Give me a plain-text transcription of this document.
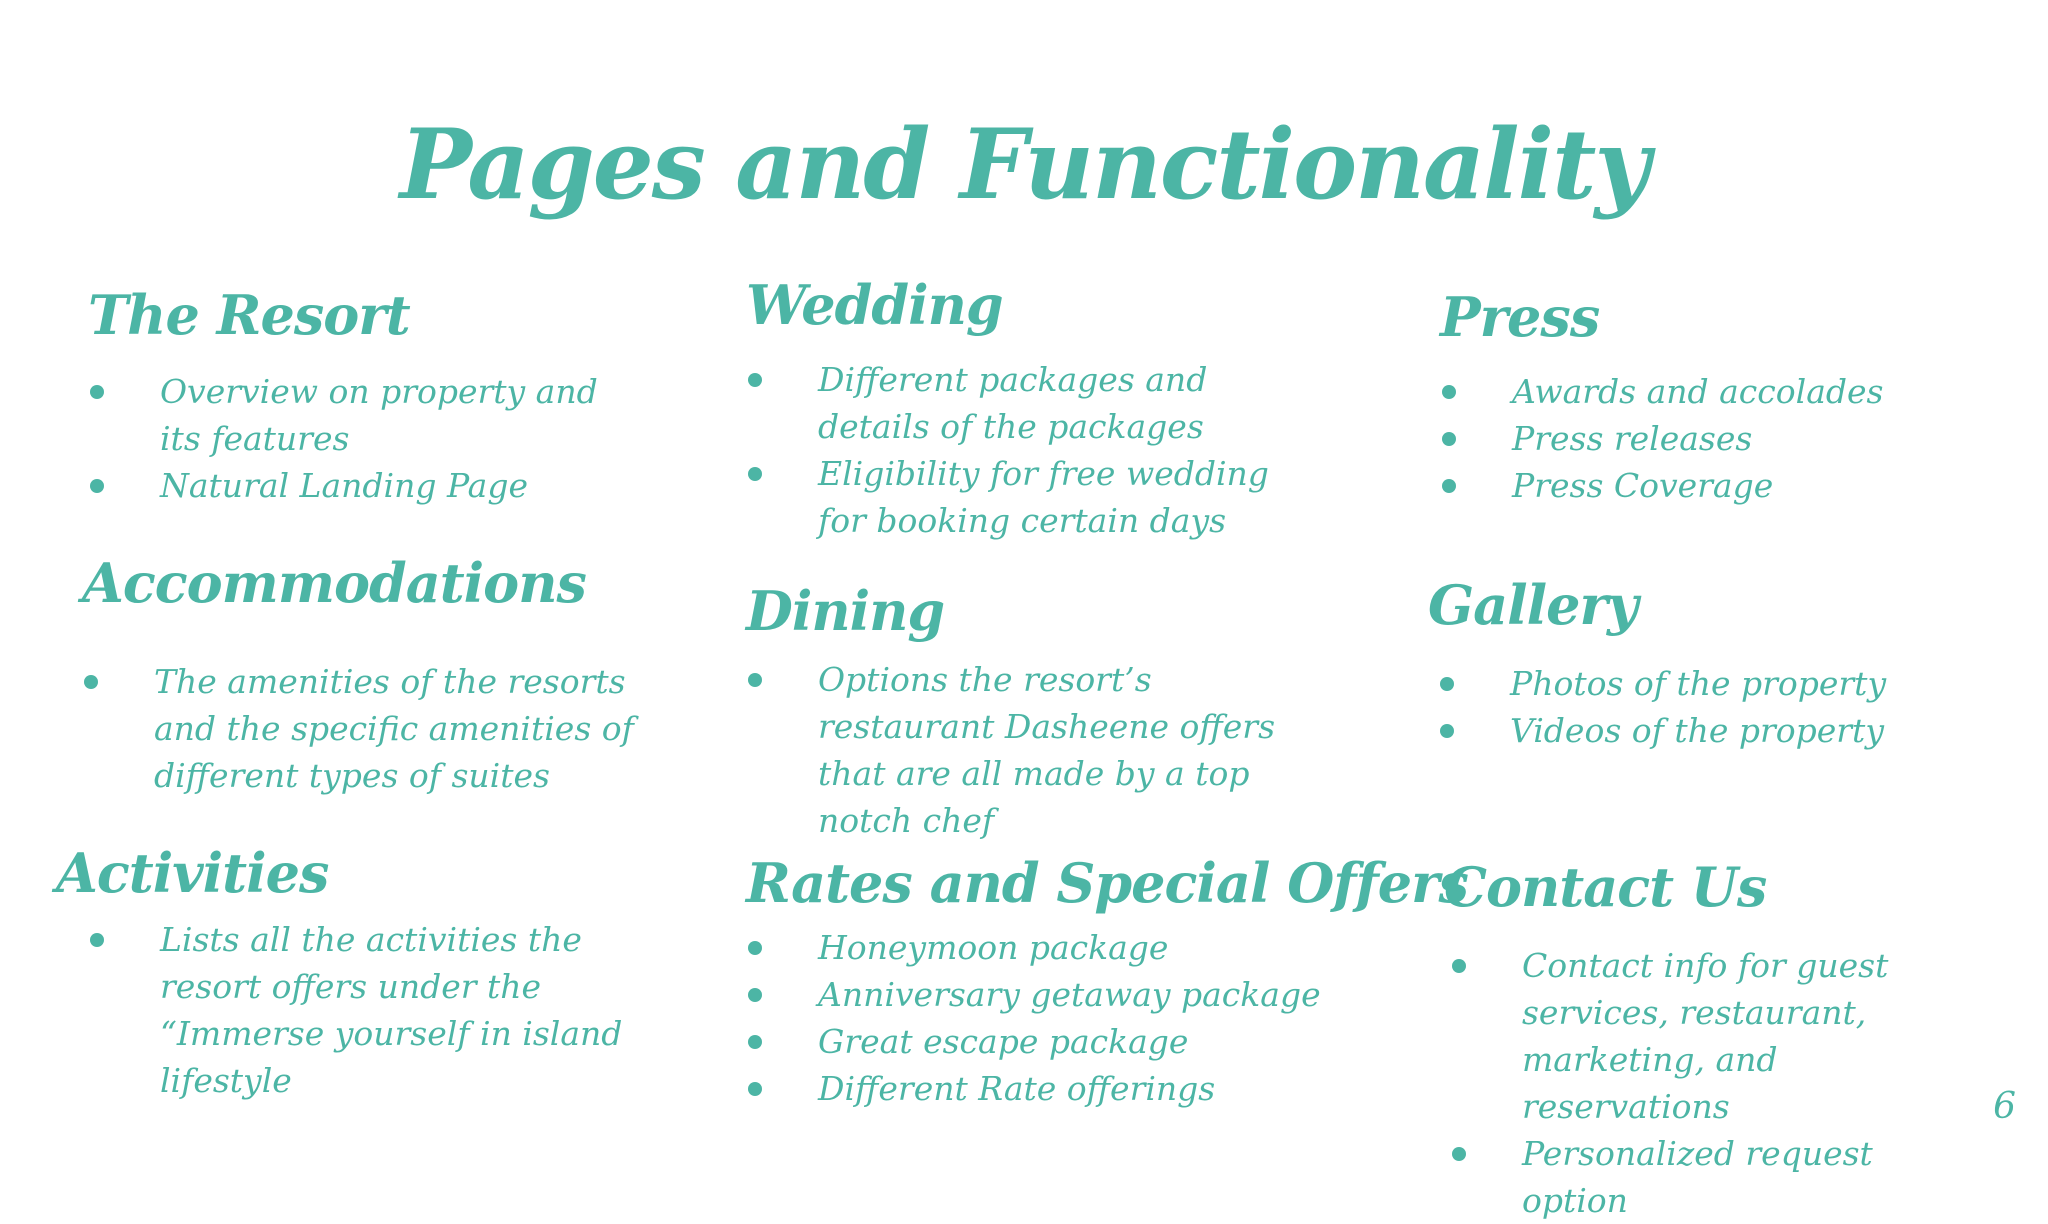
Pages and Functionality
The Resort
Overview on property and its features
Natural Landing Page
Accommodations
The amenities of the resorts and the specific amenities of different types of suites
Activities
Lists all the activities the resort offers under the “Immerse yourself in island lifestyle
Wedding
Different packages and details of the packages
Eligibility for free wedding for booking certain days
Dining
Options the resort’s restaurant Dasheene offers that are all made by a top notch chef
Rates and Special Offers
Honeymoon package
Anniversary getaway package
Great escape package
Different Rate offerings
Press
Awards and accolades
Press releases
Press Coverage
Gallery
Photos of the property
Videos of the property
Contact Us
Contact info for guest services, restaurant, marketing, and reservations
Personalized request option
6
